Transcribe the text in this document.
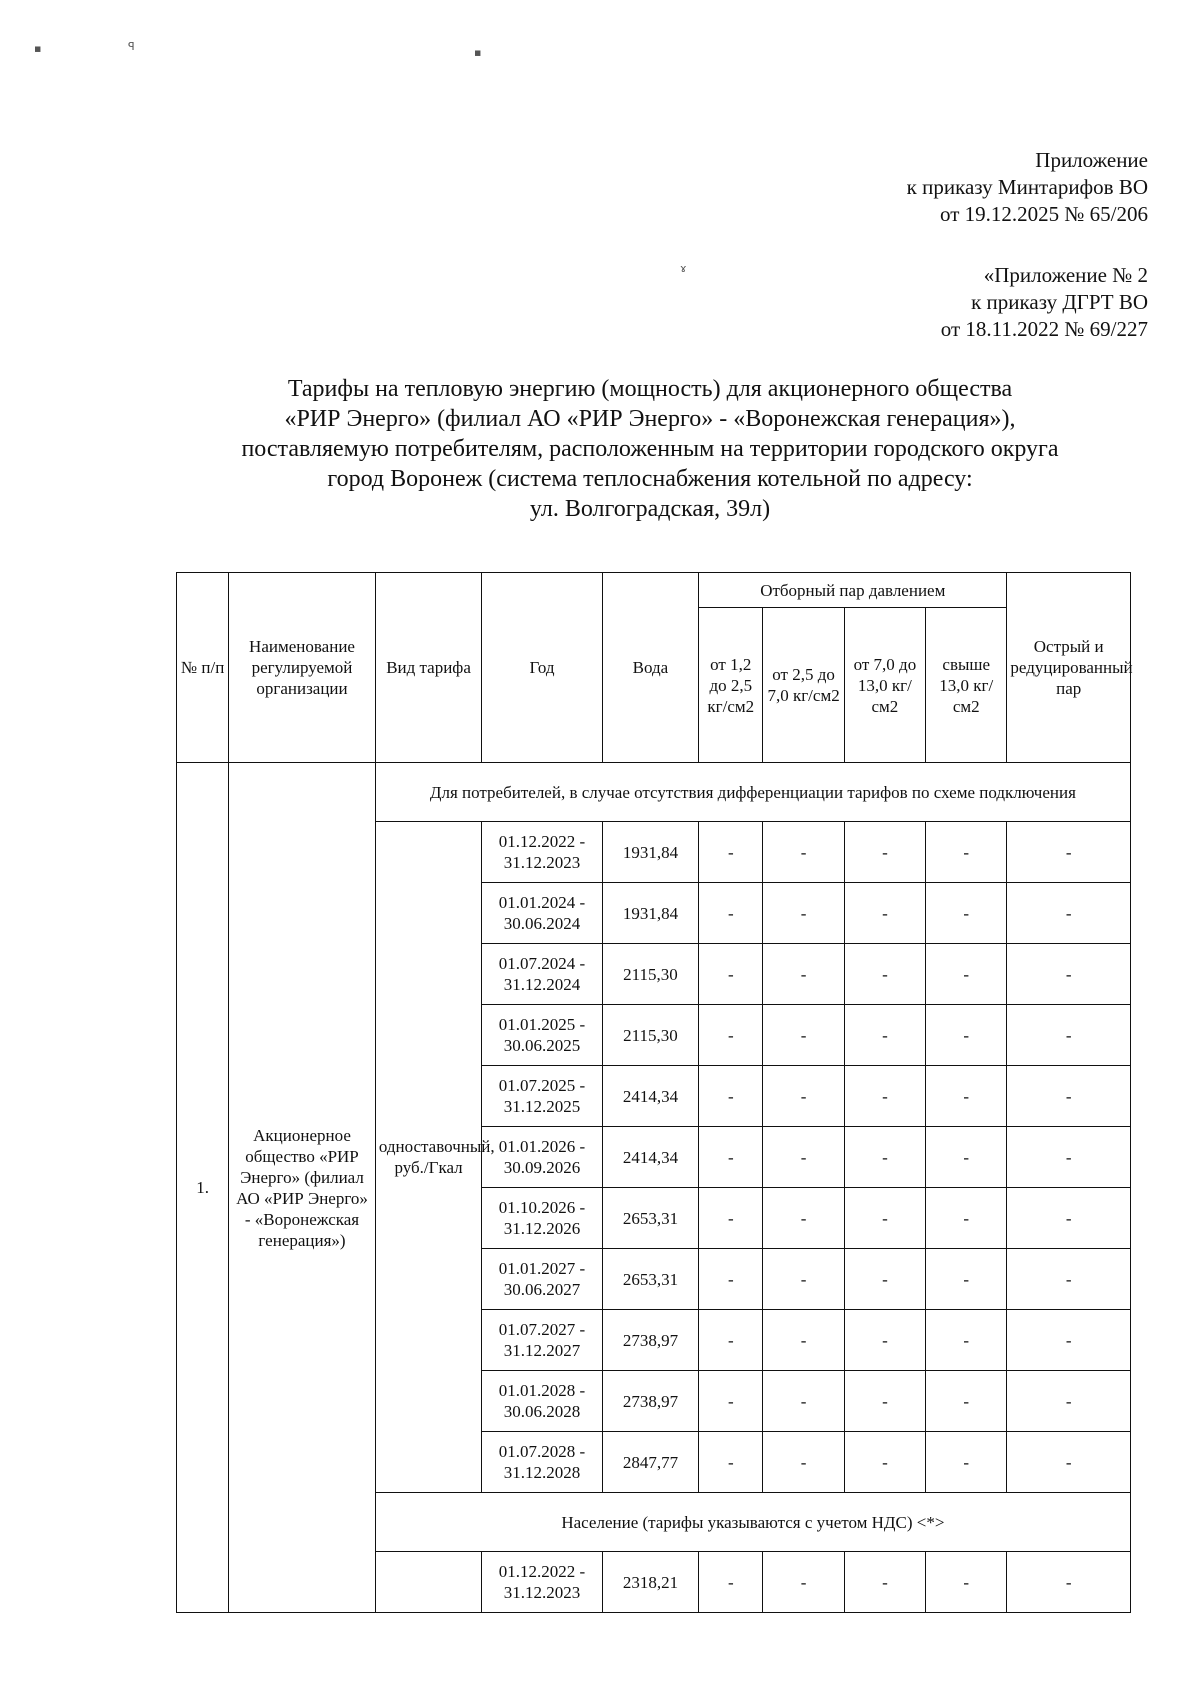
▪	ꟼ	▪
ɤ
Приложение
к приказу Минтарифов ВО
от 19.12.2025 № 65/206
«Приложение № 2
к приказу ДГРТ ВО
от 18.11.2022 № 69/227
Тарифы на тепловую энергию (мощность) для акционерного общества
«РИР Энерго» (филиал АО «РИР Энерго» - «Воронежская генерация»),
поставляемую потребителям, расположенным на территории городского округа
город Воронеж (система теплоснабжения котельной по адресу:
ул. Волгоградская, 39л)
№ п/п	Наименование регулируемой организации	Вид тарифа	Год	Вода	Отборный пар давлением				Острый и редуцированный пар
					от 1,2 до 2,5 кг/см2	от 2,5 до 7,0 кг/см2	от 7,0 до 13,0 кг/см2	свыше 13,0 кг/см2	
1.	Акционерное общество «РИР Энерго» (филиал АО «РИР Энерго» - «Воронежская генерация»)	Для потребителей, в случае отсутствия дифференциации тарифов по схеме подключения							
		одноставочный, руб./Гкал	01.12.2022 - 31.12.2023	1931,84	-	-	-	-	-
			01.01.2024 - 30.06.2024	1931,84	-	-	-	-	-
			01.07.2024 - 31.12.2024	2115,30	-	-	-	-	-
			01.01.2025 - 30.06.2025	2115,30	-	-	-	-	-
			01.07.2025 - 31.12.2025	2414,34	-	-	-	-	-
			01.01.2026 - 30.09.2026	2414,34	-	-	-	-	-
			01.10.2026 - 31.12.2026	2653,31	-	-	-	-	-
			01.01.2027 - 30.06.2027	2653,31	-	-	-	-	-
			01.07.2027 - 31.12.2027	2738,97	-	-	-	-	-
			01.01.2028 - 30.06.2028	2738,97	-	-	-	-	-
			01.07.2028 - 31.12.2028	2847,77	-	-	-	-	-
		Население (тарифы указываются с учетом НДС) <*>							
			01.12.2022 - 31.12.2023	2318,21	-	-	-	-	-
